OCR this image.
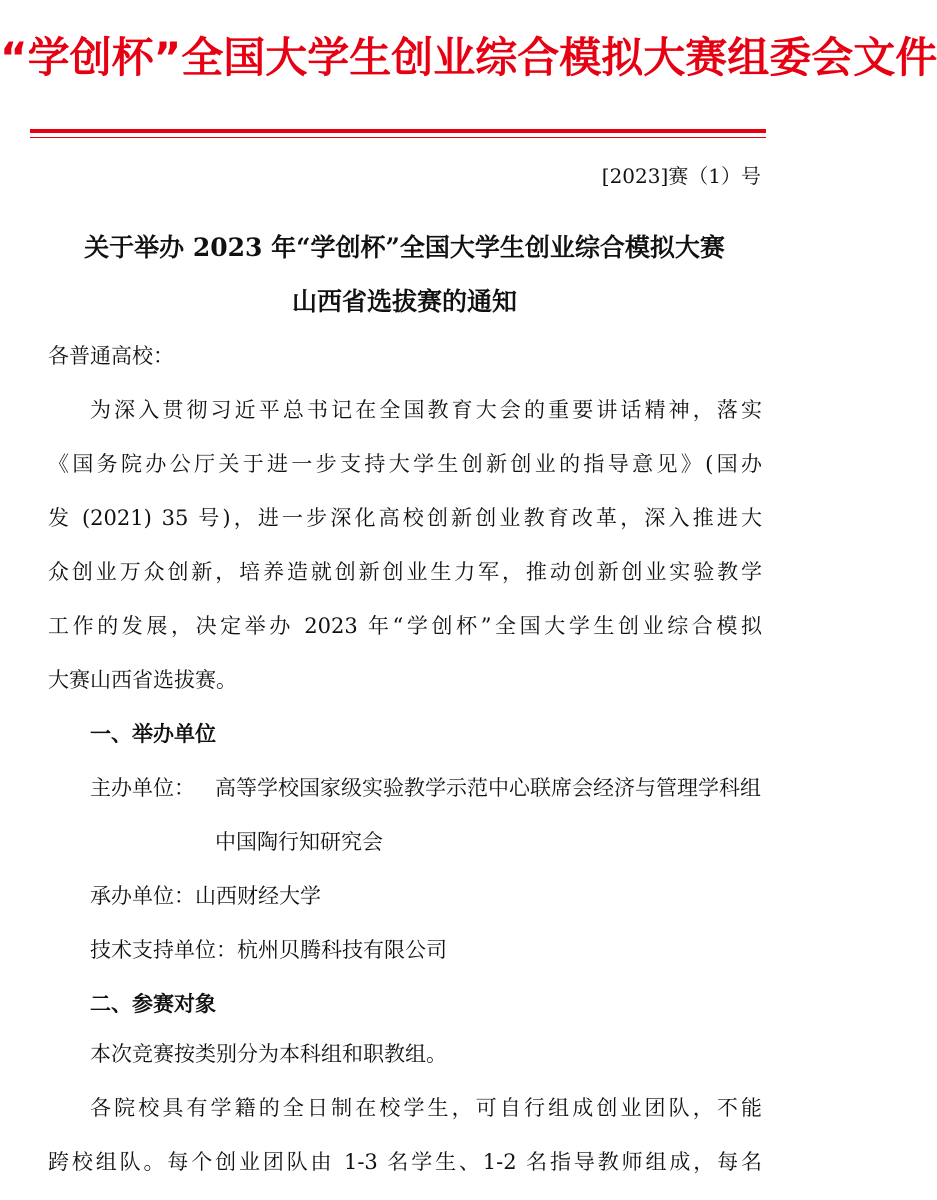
“学创杯”全国大学生创业综合模拟大赛组委会文件
[2023]赛（1）号
关于举办 2023 年“学创杯”全国大学生创业综合模拟大赛
山西省选拔赛的通知
各普通高校：
为深入贯彻习近平总书记在全国教育大会的重要讲话精神，落实
《国务院办公厅关于进一步支持大学生创新创业的指导意见》(国办
发 (2021) 35 号)，进一步深化高校创新创业教育改革，深入推进大
众创业万众创新，培养造就创新创业生力军，推动创新创业实验教学
工作的发展，决定举办 2023 年“学创杯”全国大学生创业综合模拟
大赛山西省选拔赛。
一、举办单位
主办单位： 高等学校国家级实验教学示范中心联席会经济与管理学科组
中国陶行知研究会
承办单位：山西财经大学
技术支持单位：杭州贝腾科技有限公司
二、参赛对象
本次竞赛按类别分为本科组和职教组。
各院校具有学籍的全日制在校学生，可自行组成创业团队，不能
跨校组队。每个创业团队由 1-3 名学生、1-2 名指导教师组成，每名
